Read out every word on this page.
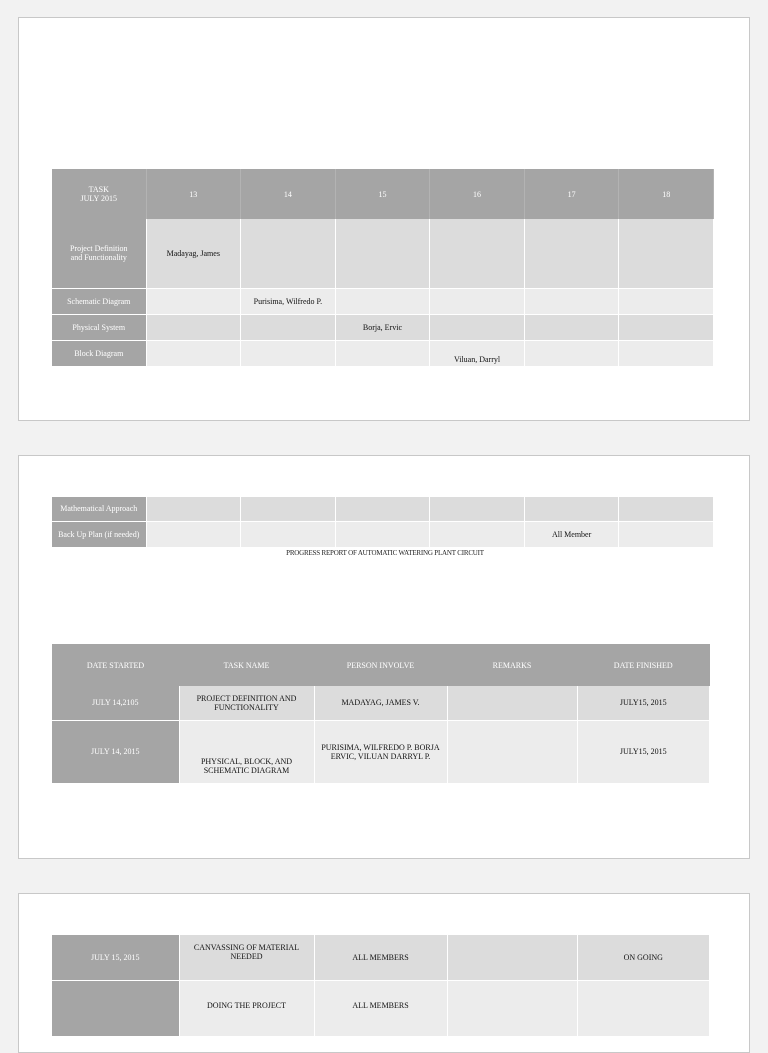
TASK
JULY 2015	13	14	15	16	17	18
Project Definition and Functionality	Madayag, James					
Schematic Diagram		Purisima, Wilfredo P.				
Physical System			Borja, Ervic			
Block Diagram				Viluan, Darryl		
Mathematical Approach						
Back Up Plan (if needed)					All Member	
PROGRESS REPORT OF AUTOMATIC WATERING PLANT CIRCUIT
DATE STARTED	TASK NAME	PERSON INVOLVE	REMARKS	DATE FINISHED
JULY 14,2105	PROJECT DEFINITION AND FUNCTIONALITY	MADAYAG, JAMES V.		JULY15, 2015
JULY 14, 2015	PHYSICAL, BLOCK, AND SCHEMATIC DIAGRAM	PURISIMA, WILFREDO P. BORJA ERVIC, VILUAN DARRYL P.		JULY15, 2015
JULY 15, 2015	CANVASSING OF MATERIAL NEEDED	ALL MEMBERS		ON GOING
	DOING THE PROJECT	ALL MEMBERS		
